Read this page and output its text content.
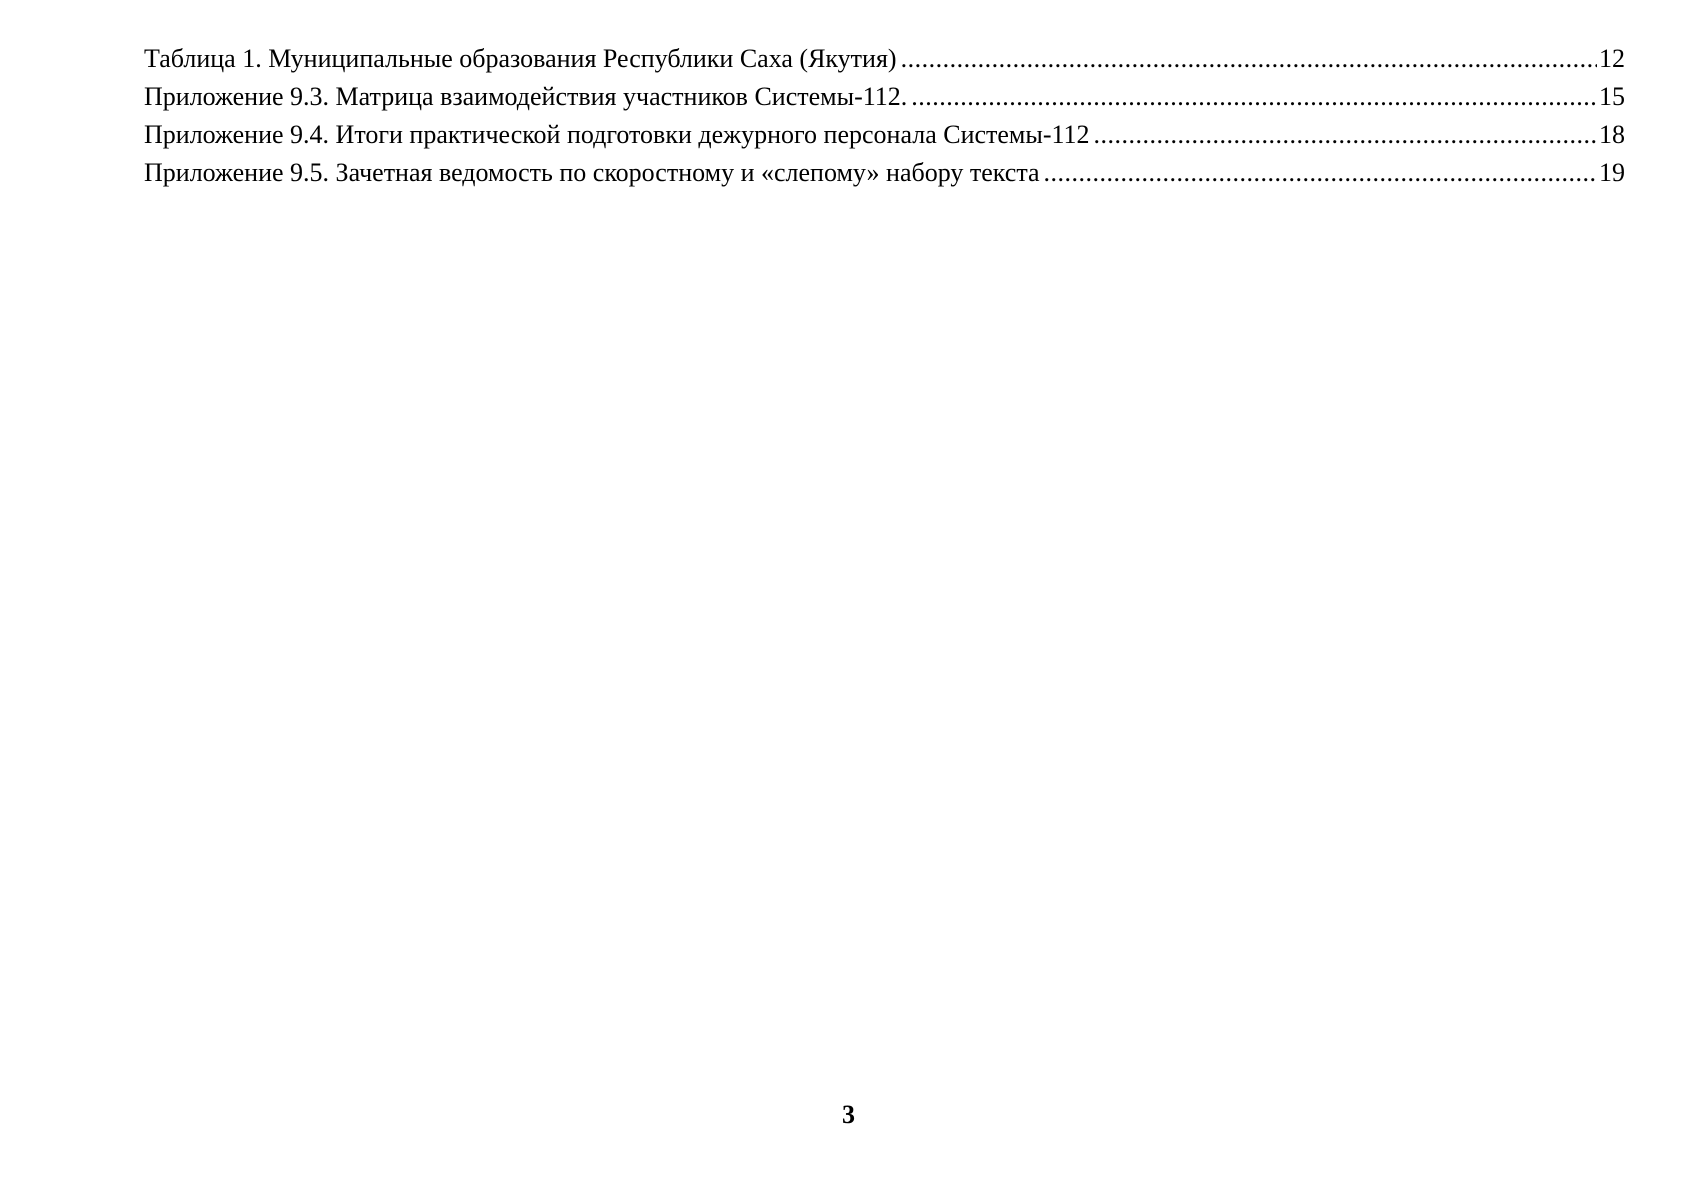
Таблица 1. Муниципальные образования Республики Саха (Якутия) .....	12
Приложение 9.3. Матрица взаимодействия участников Системы-112. .....	15
Приложение 9.4. Итоги практической подготовки дежурного персонала Системы-112 .....	18
Приложение 9.5. Зачетная ведомость по скоростному и «слепому» набору текста .....	19
3
